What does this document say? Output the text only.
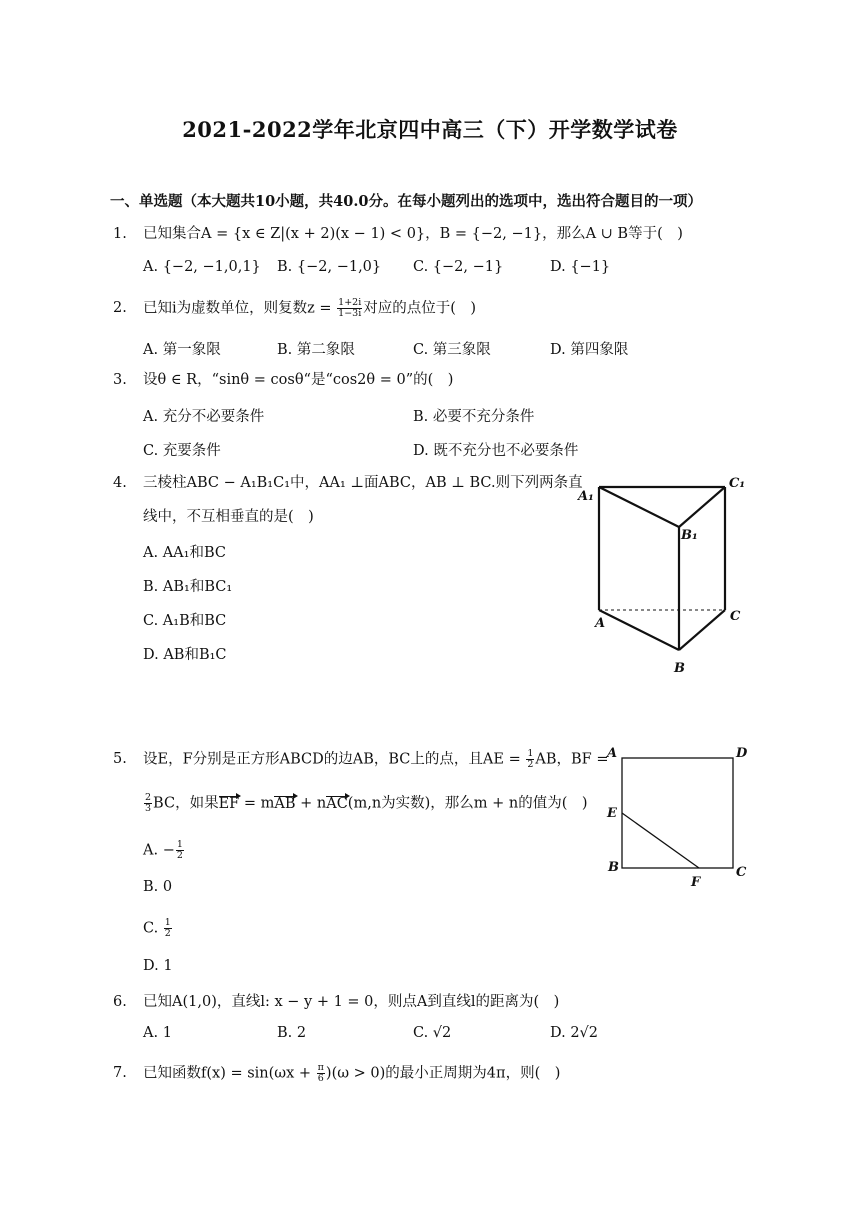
2021-2022学年北京四中高三（下）开学数学试卷
一、单选题（本大题共10小题，共40.0分。在每小题列出的选项中，选出符合题目的一项）
1. 已知集合A = {x ∈ Z|(x + 2)(x − 1) < 0}，B = {−2, −1}，那么A ∪ B等于(　)
A. {−2, −1,0,1} B. {−2, −1,0} C. {−2, −1}	D. {−1}
2. 已知i为虚数单位，则复数$z = \frac{1+2i}{1-3i}$ 对应的点位于(　)
A. 第一象限	B. 第二象限	C. 第三象限	D. 第四象限
3. 设θ ∈ R，“sinθ = cosθ“是“cos2θ = 0”的(　)
A. 充分不必要条件	B. 必要不充分条件
C. 充要条件	D. 既不充分也不必要条件
4. 三棱柱ABC − A₁B₁C₁中，AA₁ ⊥面ABC，AB ⊥ BC.则下列两条直
线中，不互相垂直的是(　)
A. AA₁和BC
B. AB₁和BC₁
C. A₁B和BC
D. AB和B₁C
A₁
C₁
B₁
A	C
B
5. 设E，F分别是正方形ABCD的边AB，BC上的点，且AE = $\frac{1}{2}$ AB，BF =
$\frac{2}{3}$ BC，如果EF = mAB + nAC(m,n为实数)，那么m + n的值为(　)
A. − $\frac{1}{2}$
B. 0
C. $\frac{1}{2}$
D. 1
A	D
E
B
F
C
6. 已知A(1,0)，直线l: x − y + 1 = 0，则点A到直线l的距离为(　)
A. 1	B. 2	C. √2	D. 2√2
7. 已知函数$f(x) = \sin(\omega x + \frac{\pi}{6} )(\omega > 0)$的最小正周期为4π，则(　)
